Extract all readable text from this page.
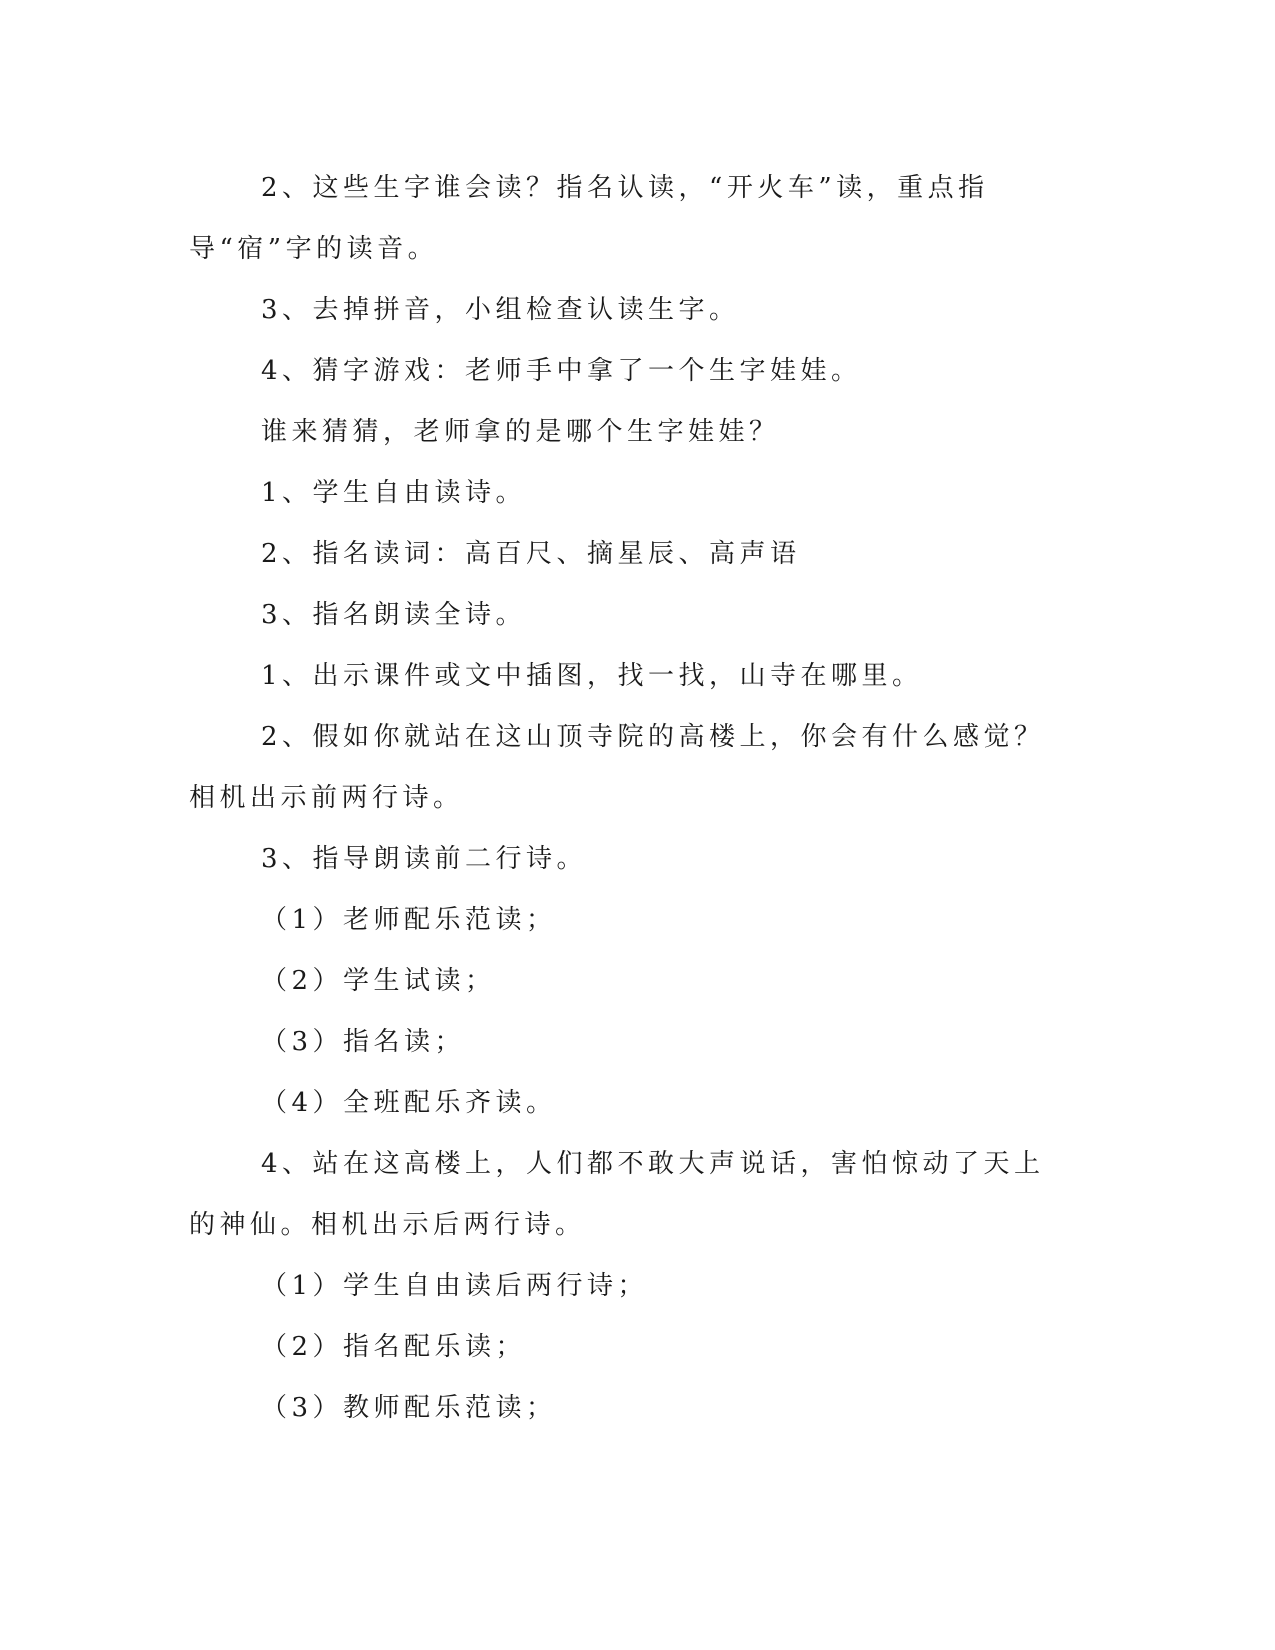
2、这些生字谁会读？指名认读，“开火车”读，重点指导“宿”字的读音。

3、去掉拼音，小组检查认读生字。

4、猜字游戏：老师手中拿了一个生字娃娃。

谁来猜猜，老师拿的是哪个生字娃娃？

1、学生自由读诗。

2、指名读词：高百尺、摘星辰、高声语

3、指名朗读全诗。

1、出示课件或文中插图，找一找，山寺在哪里。

2、假如你就站在这山顶寺院的高楼上，你会有什么感觉？相机出示前两行诗。

3、指导朗读前二行诗。

（1）老师配乐范读；

（2）学生试读；

（3）指名读；

（4）全班配乐齐读。

4、站在这高楼上，人们都不敢大声说话，害怕惊动了天上的神仙。相机出示后两行诗。

（1）学生自由读后两行诗；

（2）指名配乐读；

（3）教师配乐范读；
